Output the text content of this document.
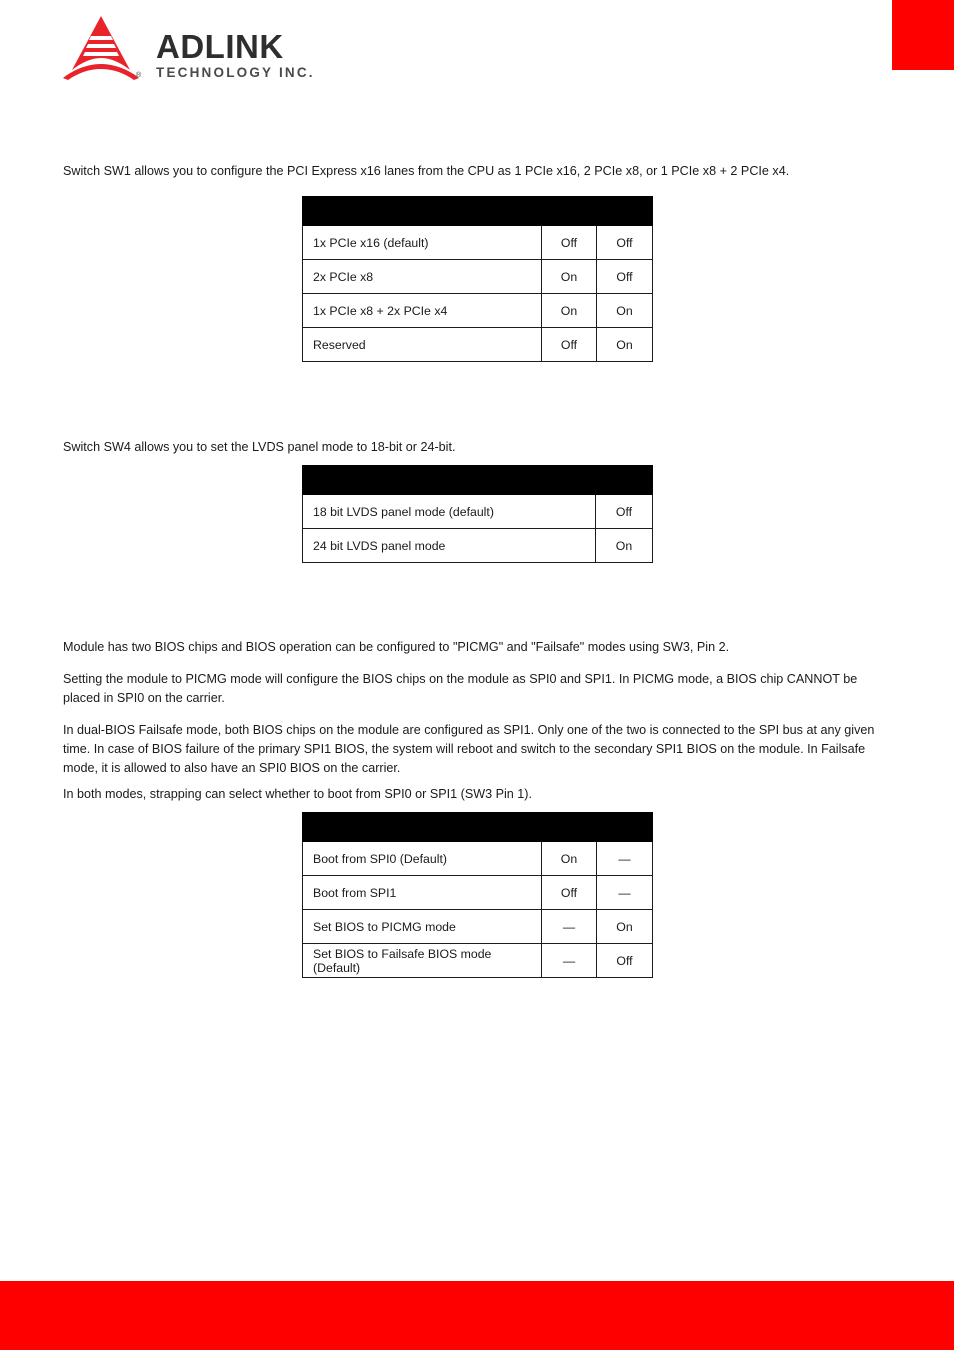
®
ADLINK
TECHNOLOGY INC.

Switch SW1 allows you to configure the PCI Express x16 lanes from the CPU as 1 PCIe x16, 2 PCIe x8, or 1 PCIe x8 + 2 PCIe x4.

1x PCIe x16 (default)	Off	Off
2x PCIe x8	On	Off
1x PCIe x8 + 2x PCIe x4	On	On
Reserved	Off	On

Switch SW4 allows you to set the LVDS panel mode to 18-bit or 24-bit.

18 bit LVDS panel mode (default)	Off
24 bit LVDS panel mode	On

Module has two BIOS chips and BIOS operation can be configured to "PICMG" and "Failsafe" modes using SW3, Pin 2.

Setting the module to PICMG mode will configure the BIOS chips on the module as SPI0 and SPI1. In PICMG mode, a BIOS chip CANNOT be placed in SPI0 on the carrier.

In dual-BIOS Failsafe mode, both BIOS chips on the module are configured as SPI1. Only one of the two is connected to the SPI bus at any given time. In case of BIOS failure of the primary SPI1 BIOS, the system will reboot and switch to the secondary SPI1 BIOS on the module. In Failsafe mode, it is allowed to also have an SPI0 BIOS on the carrier.

In both modes, strapping can select whether to boot from SPI0 or SPI1 (SW3 Pin 1).

Boot from SPI0 (Default)	On	—
Boot from SPI1	Off	—
Set BIOS to PICMG mode	—	On
Set BIOS to Failsafe BIOS mode (Default)	—	Off
